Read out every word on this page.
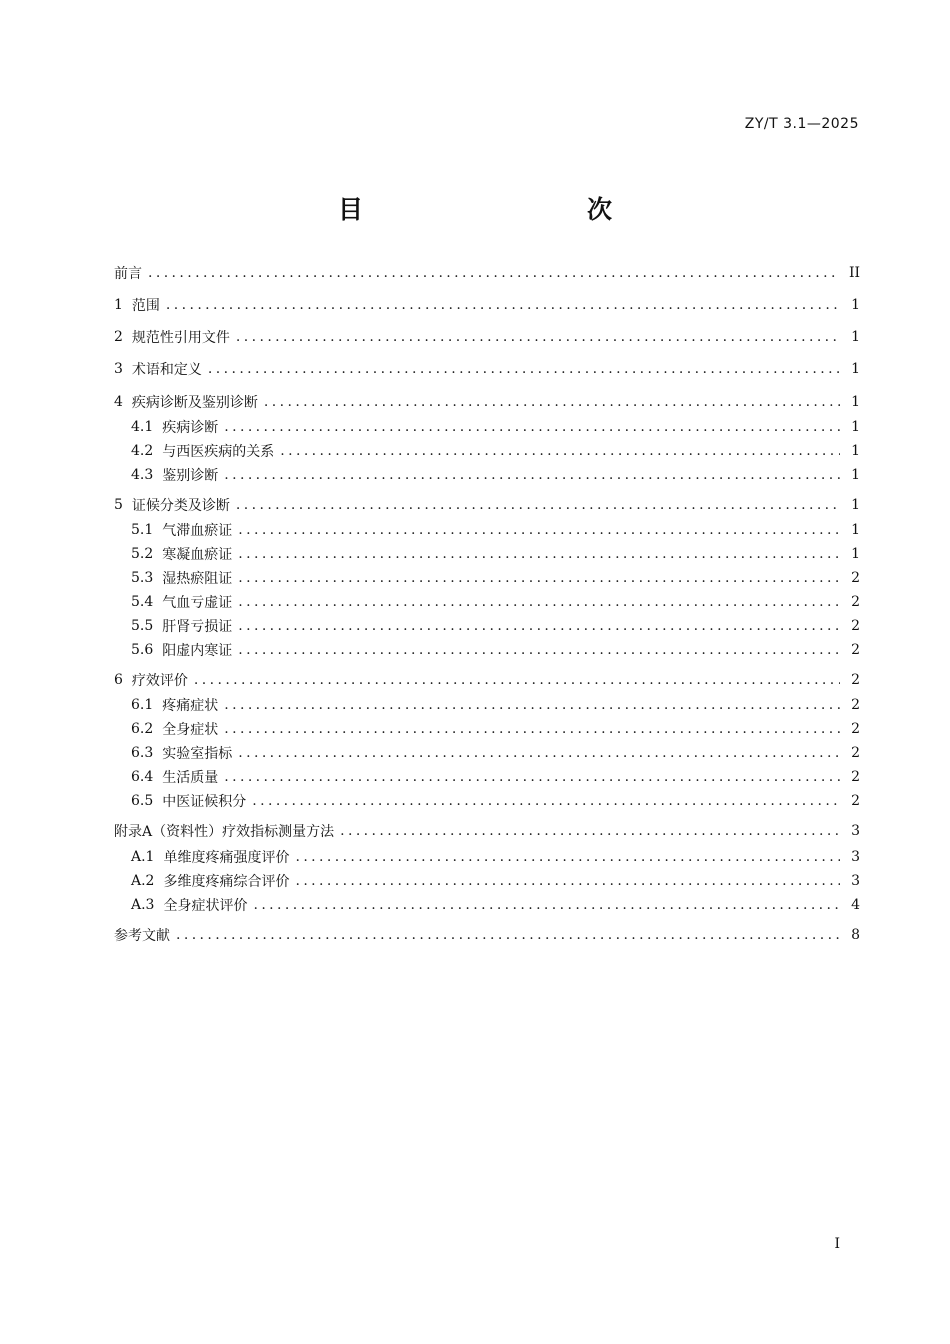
ZY/T 3.1—2025
目　　次
前言 .....	II
1 范围 .....	1
2 规范性引用文件 .....	1
3 术语和定义 .....	1
4 疾病诊断及鉴别诊断 .....	1
4.1 疾病诊断 .....	1
4.2 与西医疾病的关系 .....	1
4.3 鉴别诊断 .....	1
5 证候分类及诊断 .....	1
5.1 气滞血瘀证 .....	1
5.2 寒凝血瘀证 .....	1
5.3 湿热瘀阻证 .....	2
5.4 气血亏虚证 .....	2
5.5 肝肾亏损证 .....	2
5.6 阳虚内寒证 .....	2
6 疗效评价 .....	2
6.1 疼痛症状 .....	2
6.2 全身症状 .....	2
6.3 实验室指标 .....	2
6.4 生活质量 .....	2
6.5 中医证候积分 .....	2
附录A（资料性）疗效指标测量方法 .....	3
A.1 单维度疼痛强度评价 .....	3
A.2 多维度疼痛综合评价 .....	3
A.3 全身症状评价 .....	4
参考文献 .....	8
I
